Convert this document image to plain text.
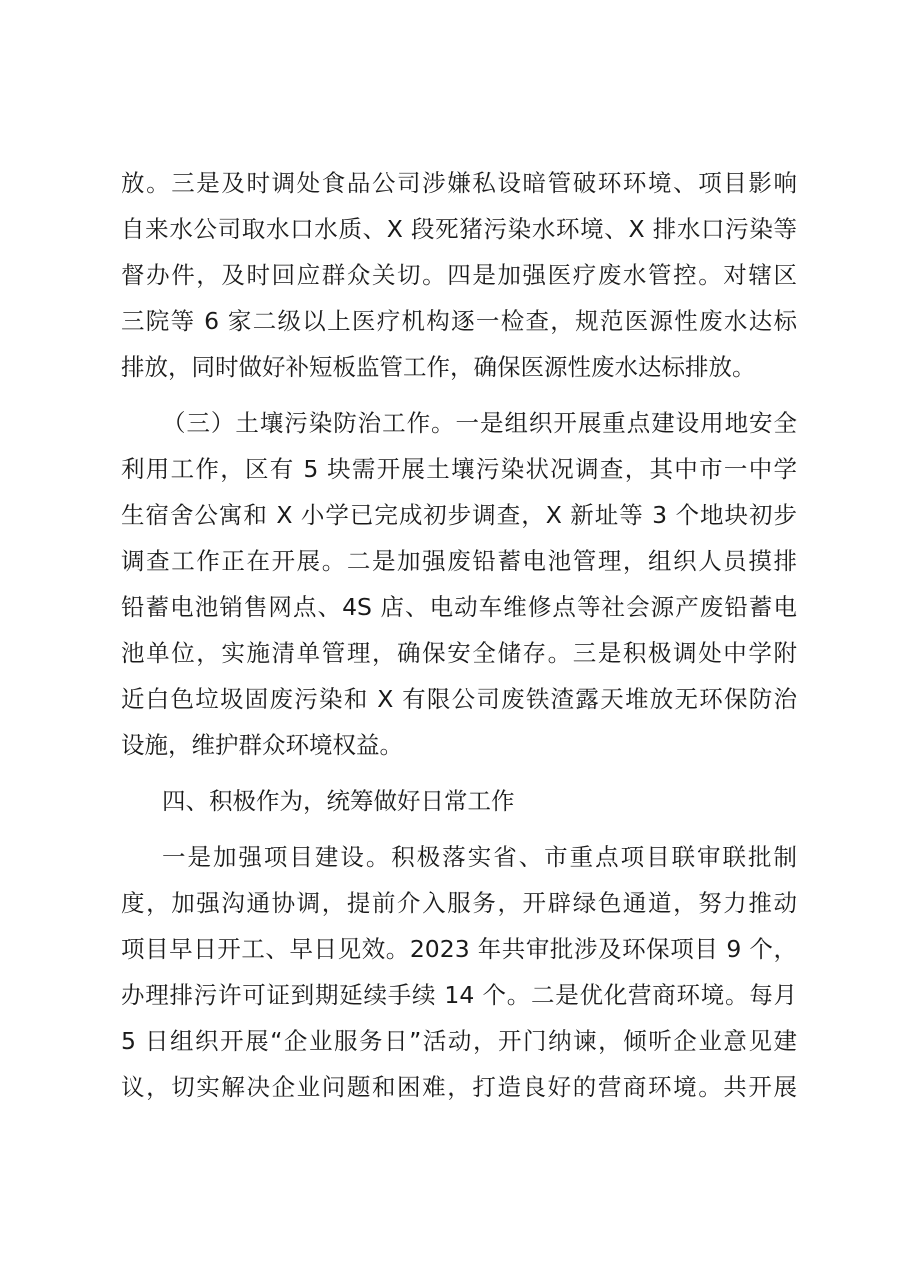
放。三是及时调处食品公司涉嫌私设暗管破环环境、项目影响
自来水公司取水口水质、X 段死猪污染水环境、X 排水口污染等
督办件，及时回应群众关切。四是加强医疗废水管控。对辖区
三院等 6 家二级以上医疗机构逐一检查，规范医源性废水达标
排放，同时做好补短板监管工作，确保医源性废水达标排放。
（三）土壤污染防治工作。一是组织开展重点建设用地安全
利用工作，区有 5 块需开展土壤污染状况调查，其中市一中学
生宿舍公寓和 X 小学已完成初步调查，X 新址等 3 个地块初步
调查工作正在开展。二是加强废铅蓄电池管理，组织人员摸排
铅蓄电池销售网点、4S 店、电动车维修点等社会源产废铅蓄电
池单位，实施清单管理，确保安全储存。三是积极调处中学附
近白色垃圾固废污染和 X 有限公司废铁渣露天堆放无环保防治
设施，维护群众环境权益。
四、积极作为，统筹做好日常工作
一是加强项目建设。积极落实省、市重点项目联审联批制
度，加强沟通协调，提前介入服务，开辟绿色通道，努力推动
项目早日开工、早日见效。2023 年共审批涉及环保项目 9 个，
办理排污许可证到期延续手续 14 个。二是优化营商环境。每月
5 日组织开展“企业服务日”活动，开门纳谏，倾听企业意见建
议，切实解决企业问题和困难，打造良好的营商环境。共开展
